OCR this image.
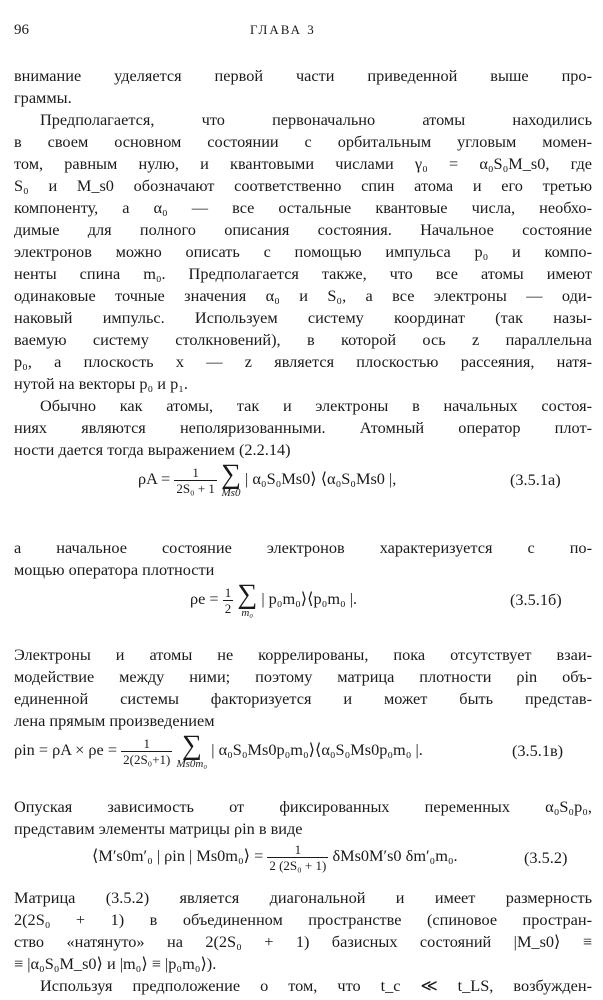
96	ГЛАВА 3
внимание уделяется первой части приведенной выше про-
граммы.
Предполагается, что первоначально атомы находились
в своем основном состоянии с орбитальным угловым момен-
том, равным нулю, и квантовыми числами γ₀ = α₀S₀M_s0, где
S₀ и M_s0 обозначают соответственно спин атома и его третью
компоненту, а α₀ — все остальные квантовые числа, необхо-
димые для полного описания состояния. Начальное состояние
электронов можно описать с помощью импульса p₀ и компо-
ненты спина m₀. Предполагается также, что все атомы имеют
одинаковые точные значения α₀ и S₀, а все электроны — оди-
наковый импульс. Используем систему координат (так назы-
ваемую систему столкновений), в которой ось z параллельна
p₀, а плоскость x — z является плоскостью рассеяния, натя-
нутой на векторы p₀ и p₁.
Обычно как атомы, так и электроны в начальных состоя-
ниях являются неполяризованными. Атомный оператор плот-
ности дается тогда выражением (2.2.14)
$\rho A = \frac{1}{\text{2S₀ + 1}}$
∑
Ms0
| α₀S₀Ms0⟩ ⟨α₀S₀Ms0 |,	(3.5.1a)
а начальное состояние электронов характеризуется с по-
мощью оператора плотности
$\rho e = \frac{1}{2}$
∑
m₀
| p₀m₀⟩⟨p₀m₀ |.	(3.5.1б)
Электроны и атомы не коррелированы, пока отсутствует взаи-
модействие между ними; поэтому матрица плотности ρin объ-
единенной системы факторизуется и может быть представ-
лена прямым произведением
$\rho in = \rho A \times \rho e = \frac{1}{\text{2(2S₀+1)}}$
∑
Ms0m₀
| α₀S₀Ms0p₀m₀⟩⟨α₀S₀Ms0p₀m₀ |.	(3.5.1в)
Опуская зависимость от фиксированных переменных α₀S₀p₀,
представим элементы матрицы ρin в виде
⟨M′s0m′₀ | ρin | Ms0m₀⟩ = $\frac{1}{\text{2 (2S₀ + 1)}} \delta Ms0M's0$ δm′₀m₀.	(3.5.2)
Матрица (3.5.2) является диагональной и имеет размерность
2(2S₀ + 1) в объединенном пространстве (спиновое простран-
ство «натянуто» на 2(2S₀ + 1) базисных состояний |M_s0⟩ ≡
≡ |α₀S₀M_s0⟩ и |m₀⟩ ≡ |p₀m₀⟩).
Используя предположение о том, что t_c ≪ t_LS, возбужден-
